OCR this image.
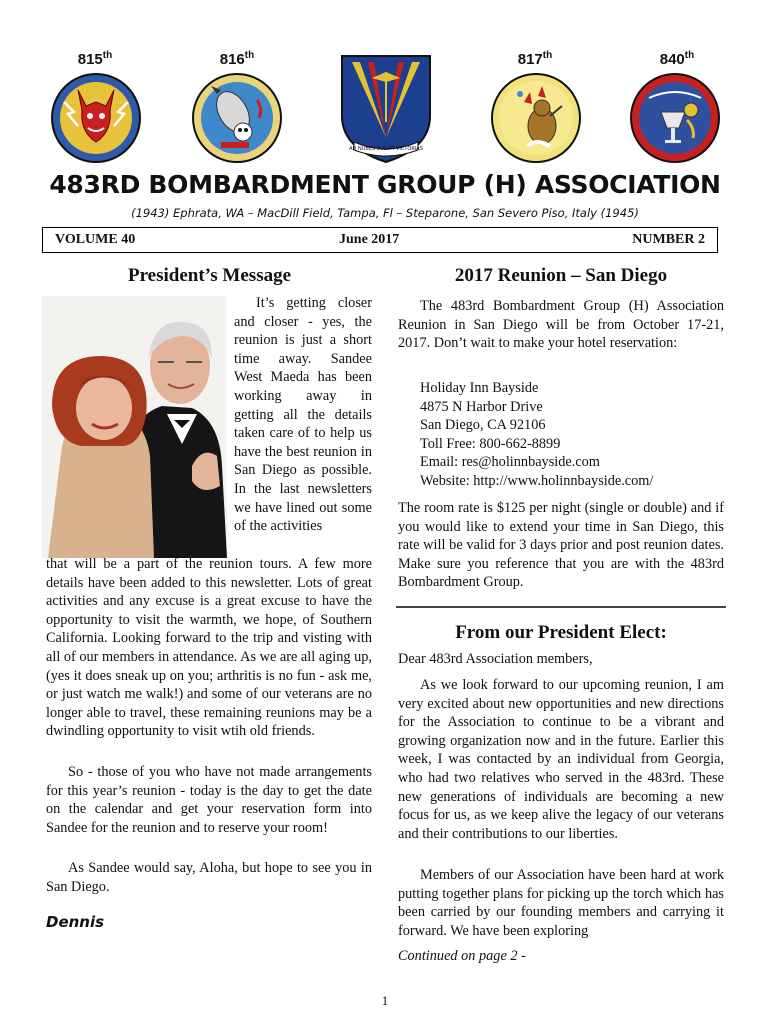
815th	816th	817th	840th
AD NUBES SOLUM VICTORIAS
483RD BOMBARDMENT GROUP (H) ASSOCIATION
(1943) Ephrata, WA – MacDill Field, Tampa, Fl – Steparone, San Severo Piso, Italy (1945)
VOLUME 40	June 2017	NUMBER 2
President’s Message

It’s getting closer and closer - yes, the reunion is just a short time away. Sandee West Maeda has been working away in getting all the details taken care of to help us have the best reunion in San Diego as possible. In the last newsletters we have lined out some of the activities

that will be a part of the reunion tours. A few more details have been added to this newsletter. Lots of great activities and any excuse is a great excuse to have the opportunity to visit the warmth, we hope, of Southern California. Looking forward to the trip and visting with all of our members in attendance. As we are all aging up, (yes it does sneak up on you; arthritis is no fun - ask me, or just watch me walk!) and some of our veterans are no longer able to travel, these remaining reunions may be a dwindling opportunity to visit wtih old friends.

So - those of you who have not made arrangements for this year’s reunion - today is the day to get the date on the calendar and get your reservation form into Sandee for the reunion and to reserve your room!

As Sandee would say, Aloha, but hope to see you in San Diego.

Dennis
2017 Reunion – San Diego

The 483rd Bombardment Group (H) Association Reunion in San Diego will be from October 17-21, 2017. Don’t wait to make your hotel reservation:

Holiday Inn Bayside
4875 N Harbor Drive
San Diego, CA 92106
Toll Free: 800-662-8899
Email: res@holinnbayside.com
Website: http://www.holinnbayside.com/

The room rate is $125 per night (single or double) and if you would like to extend your time in San Diego, this rate will be valid for 3 days prior and post reunion dates. Make sure you reference that you are with the 483rd Bombardment Group.

From our President Elect:

Dear 483rd Association members,

As we look forward to our upcoming reunion, I am very excited about new opportunities and new directions for the Association to continue to be a vibrant and growing organization now and in the future. Earlier this week, I was contacted by an individual from Georgia, who had two relatives who served in the 483rd. These new generations of individuals are becoming a new focus for us, as we keep alive the legacy of our veterans and their contributions to our liberties.

Members of our Association have been hard at work putting together plans for picking up the torch which has been carried by our founding members and carrying it forward. We have been exploring

Continued on page 2 -
1
